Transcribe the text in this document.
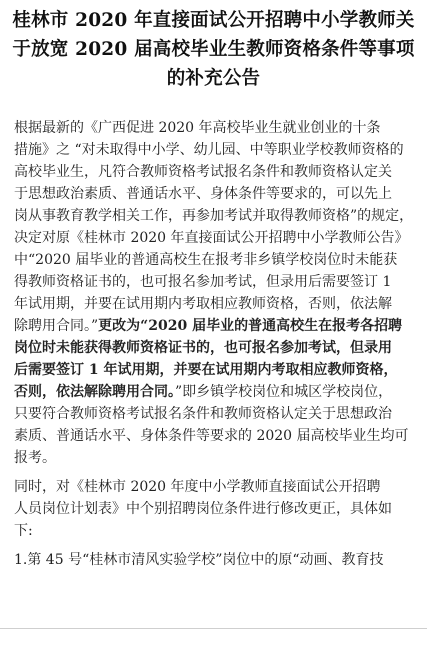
桂林市 2020 年直接面试公开招聘中小学教师关
于放宽 2020 届高校毕业生教师资格条件等事项
的补充公告
根据最新的《广西促进 2020 年高校毕业生就业创业的十条
措施》之 “对未取得中小学、幼儿园、中等职业学校教师资格的
高校毕业生，凡符合教师资格考试报名条件和教师资格认定关
于思想政治素质、普通话水平、身体条件等要求的，可以先上
岗从事教育教学相关工作，再参加考试并取得教师资格”的规定，
决定对原《桂林市 2020 年直接面试公开招聘中小学教师公告》
中“2020 届毕业的普通高校生在报考非乡镇学校岗位时未能获
得教师资格证书的，也可报名参加考试，但录用后需要签订 1
年试用期，并要在试用期内考取相应教师资格，否则，依法解
除聘用合同。”更改为“2020 届毕业的普通高校生在报考各招聘
岗位时未能获得教师资格证书的，也可报名参加考试，但录用
后需要签订 1 年试用期，并要在试用期内考取相应教师资格，
否则，依法解除聘用合同。”即乡镇学校岗位和城区学校岗位，
只要符合教师资格考试报名条件和教师资格认定关于思想政治
素质、普通话水平、身体条件等要求的 2020 届高校毕业生均可
报考。
同时，对《桂林市 2020 年度中小学教师直接面试公开招聘
人员岗位计划表》中个别招聘岗位条件进行修改更正，具体如
下:
1.第 45 号“桂林市清风实验学校”岗位中的原“动画、教育技
